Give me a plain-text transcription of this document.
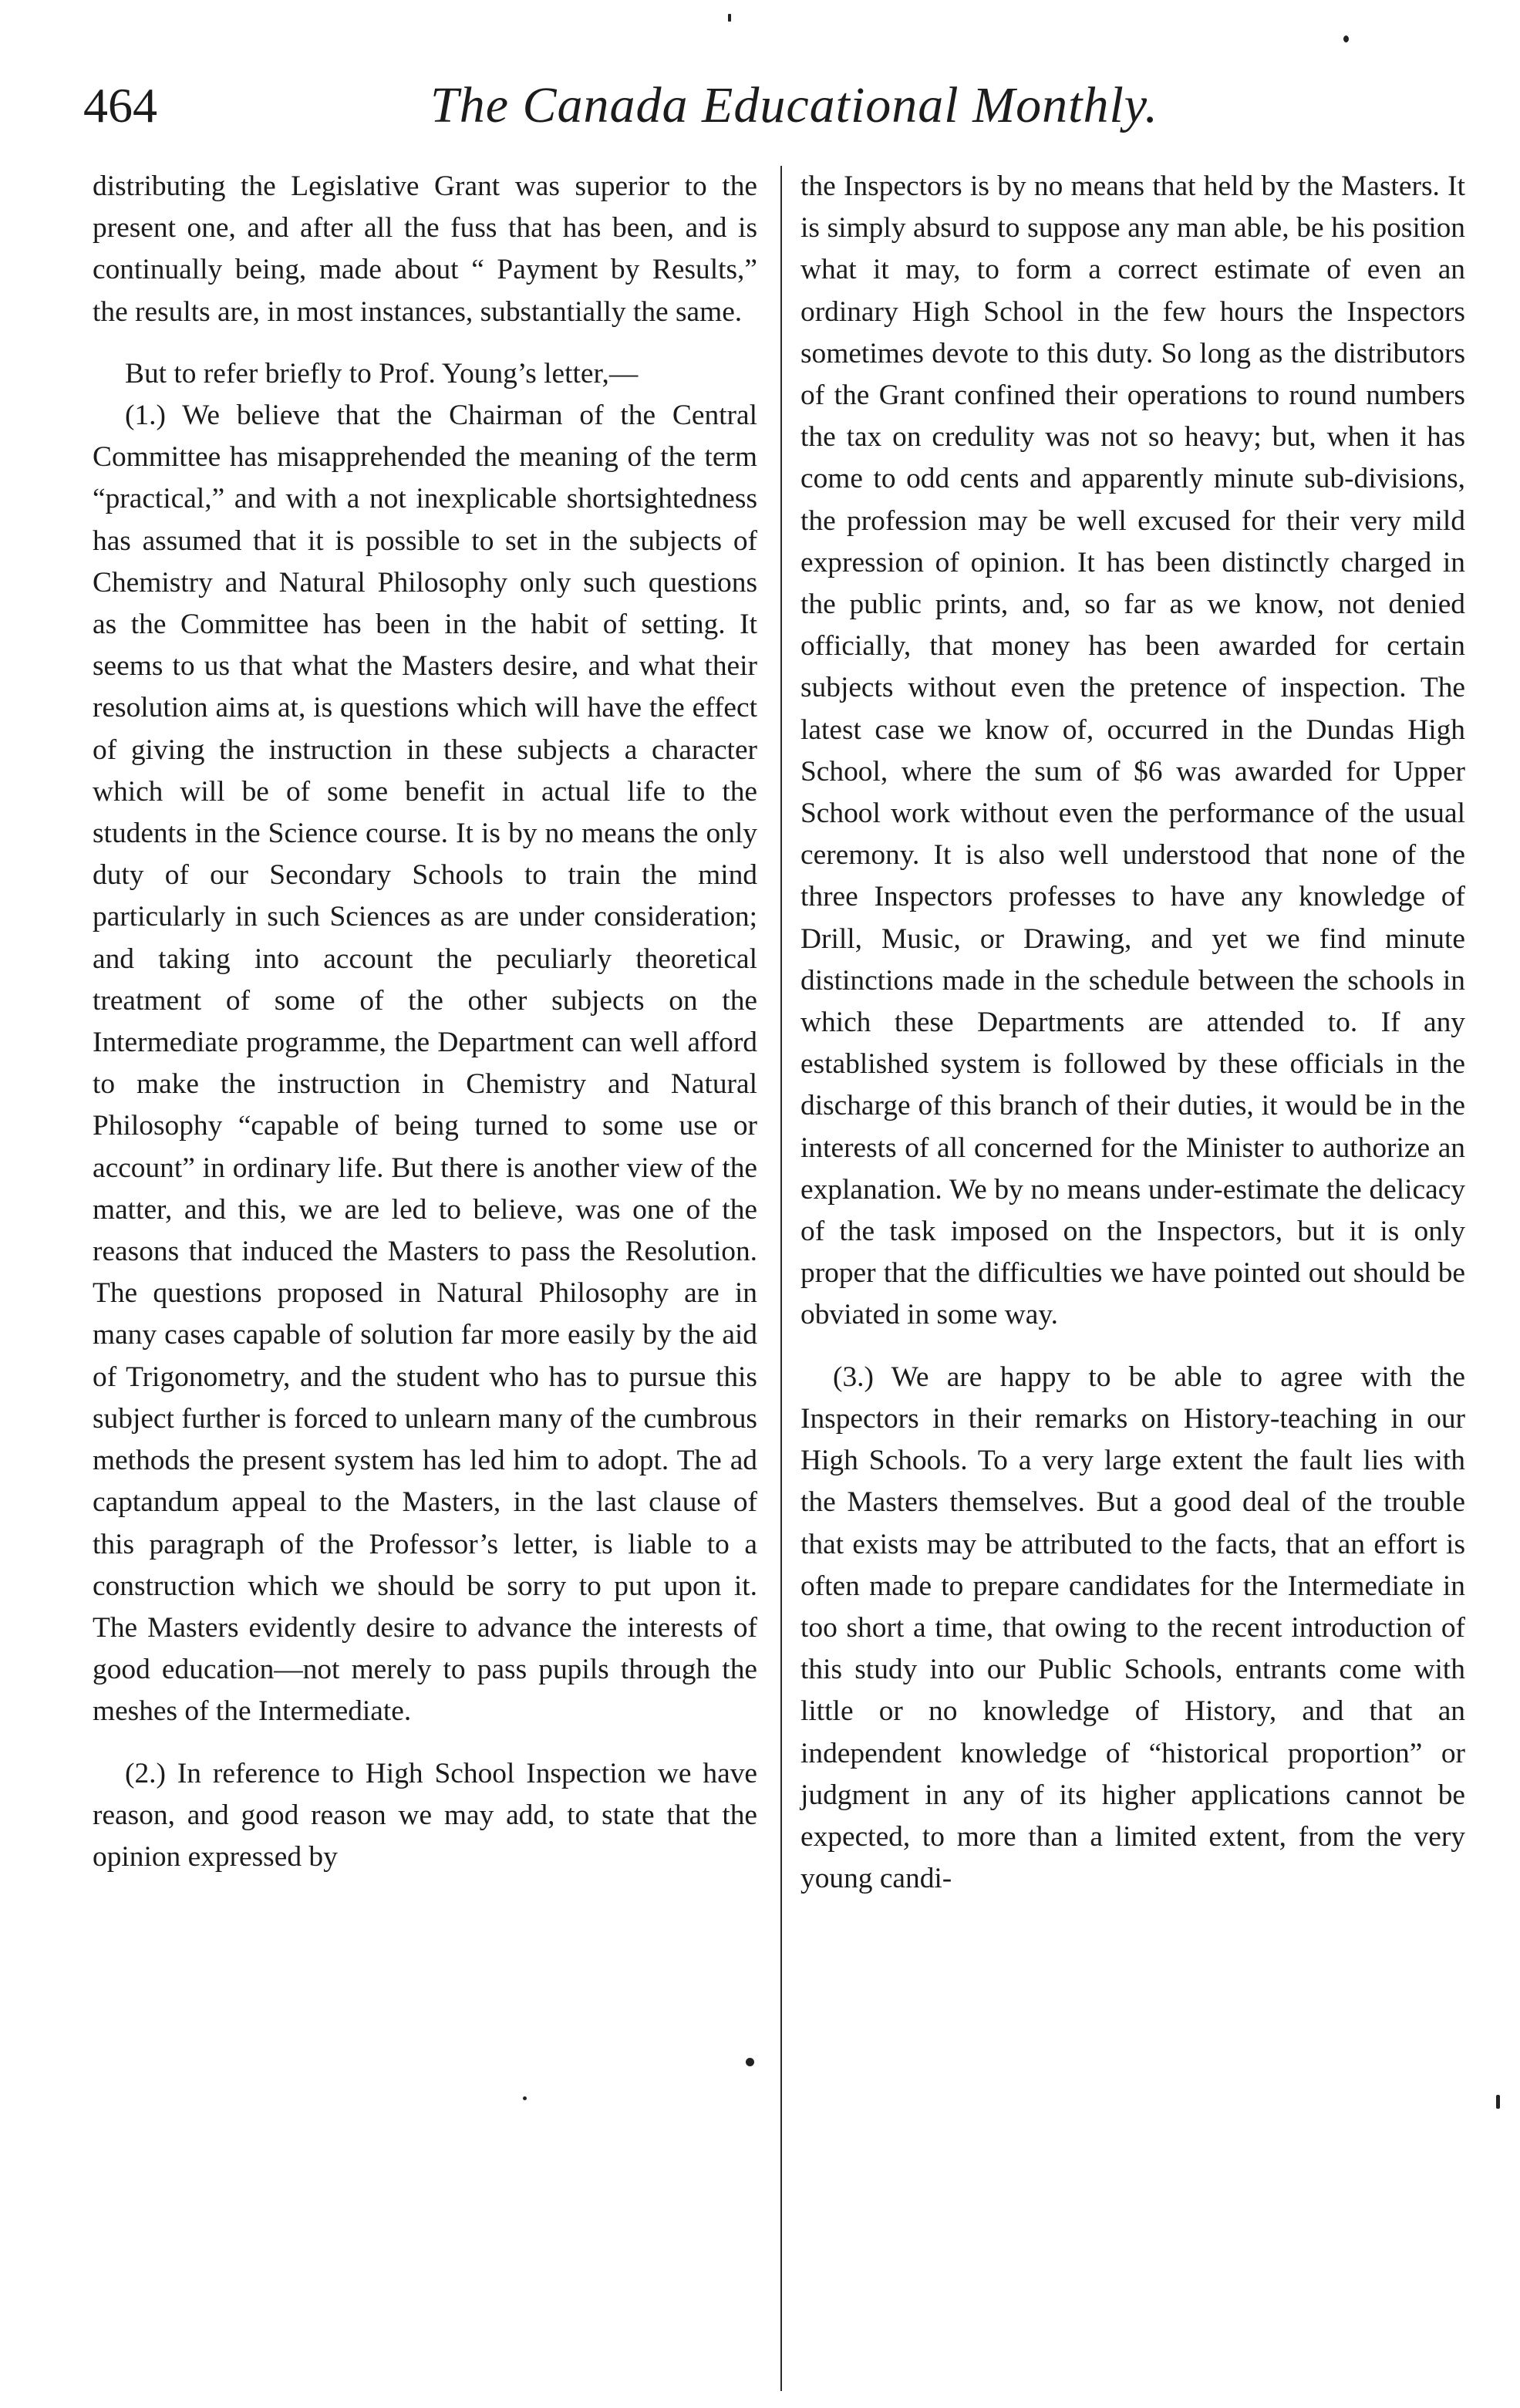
464	The Canada Educational Monthly.

distributing the Legislative Grant was superior to the present one, and after all the fuss that has been, and is continually being, made about “ Payment by Results,” the results are, in most instances, substantially the same.

But to refer briefly to Prof. Young’s letter,—

(1.) We believe that the Chairman of the Central Committee has misapprehended the meaning of the term “practical,” and with a not inexplicable shortsightedness has assumed that it is possible to set in the subjects of Chemistry and Natural Philosophy only such questions as the Committee has been in the habit of setting. It seems to us that what the Masters desire, and what their resolution aims at, is questions which will have the effect of giving the instruction in these subjects a character which will be of some benefit in actual life to the students in the Science course. It is by no means the only duty of our Secondary Schools to train the mind particularly in such Sciences as are under consideration; and taking into account the peculiarly theoretical treatment of some of the other subjects on the Intermediate programme, the Department can well afford to make the instruction in Chemistry and Natural Philosophy “capable of being turned to some use or account” in ordinary life. But there is another view of the matter, and this, we are led to believe, was one of the reasons that induced the Masters to pass the Resolution. The questions proposed in Natural Philosophy are in many cases capable of solution far more easily by the aid of Trigonometry, and the student who has to pursue this subject further is forced to unlearn many of the cumbrous methods the present system has led him to adopt. The ad captandum appeal to the Masters, in the last clause of this paragraph of the Professor’s letter, is liable to a construction which we should be sorry to put upon it. The Masters evidently desire to advance the interests of good education—not merely to pass pupils through the meshes of the Intermediate.

(2.) In reference to High School Inspection we have reason, and good reason we may add, to state that the opinion expressed by

the Inspectors is by no means that held by the Masters. It is simply absurd to suppose any man able, be his position what it may, to form a correct estimate of even an ordinary High School in the few hours the Inspectors sometimes devote to this duty. So long as the distributors of the Grant confined their operations to round numbers the tax on credulity was not so heavy; but, when it has come to odd cents and apparently minute sub-divisions, the profession may be well excused for their very mild expression of opinion. It has been distinctly charged in the public prints, and, so far as we know, not denied officially, that money has been awarded for certain subjects without even the pretence of inspection. The latest case we know of, occurred in the Dundas High School, where the sum of $6 was awarded for Upper School work without even the performance of the usual ceremony. It is also well understood that none of the three Inspectors professes to have any knowledge of Drill, Music, or Drawing, and yet we find minute distinctions made in the schedule between the schools in which these Departments are attended to. If any established system is followed by these officials in the discharge of this branch of their duties, it would be in the interests of all concerned for the Minister to authorize an explanation. We by no means under-estimate the delicacy of the task imposed on the Inspectors, but it is only proper that the difficulties we have pointed out should be obviated in some way.

(3.) We are happy to be able to agree with the Inspectors in their remarks on History-teaching in our High Schools. To a very large extent the fault lies with the Masters themselves. But a good deal of the trouble that exists may be attributed to the facts, that an effort is often made to prepare candidates for the Intermediate in too short a time, that owing to the recent introduction of this study into our Public Schools, entrants come with little or no knowledge of History, and that an independent knowledge of “historical proportion” or judgment in any of its higher applications cannot be expected, to more than a limited extent, from the very young candi-
